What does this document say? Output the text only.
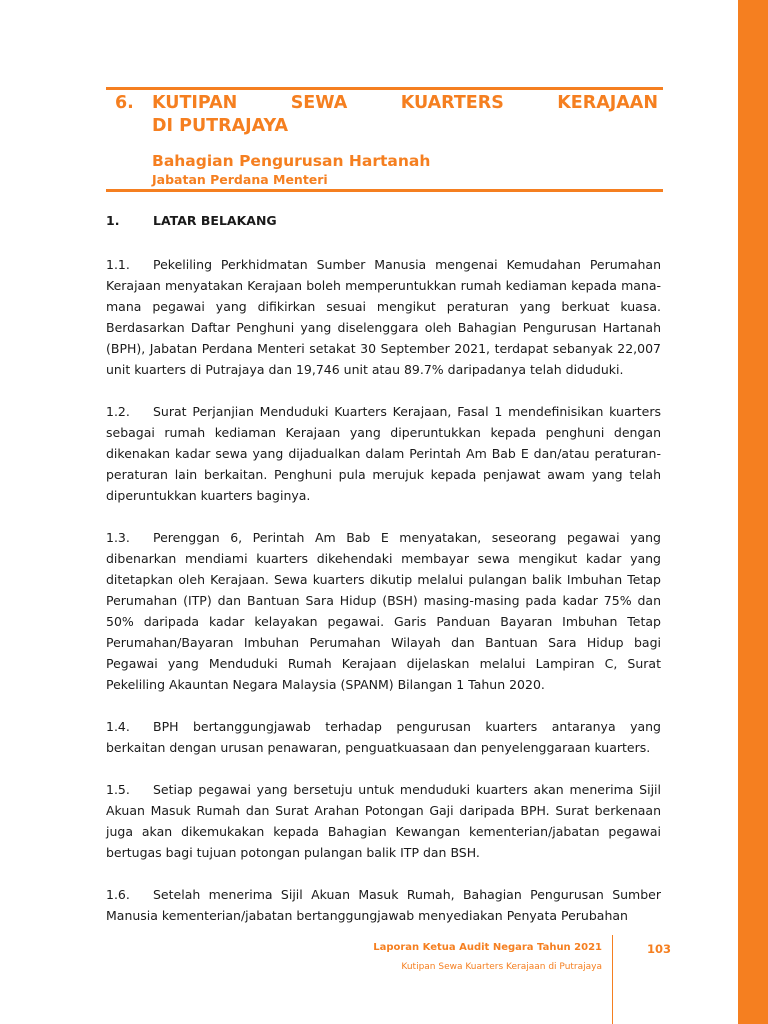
6. KUTIPAN SEWA KUARTERS KERAJAAN
DI PUTRAJAYA
Bahagian Pengurusan Hartanah
Jabatan Perdana Menteri
1.	LATAR BELAKANG
1.1. Pekeliling Perkhidmatan Sumber Manusia mengenai Kemudahan Perumahan Kerajaan menyatakan Kerajaan boleh memperuntukkan rumah kediaman kepada mana-mana pegawai yang difikirkan sesuai mengikut peraturan yang berkuat kuasa. Berdasarkan Daftar Penghuni yang diselenggara oleh Bahagian Pengurusan Hartanah (BPH), Jabatan Perdana Menteri setakat 30 September 2021, terdapat sebanyak 22,007 unit kuarters di Putrajaya dan 19,746 unit atau 89.7% daripadanya telah diduduki.
1.2. Surat Perjanjian Menduduki Kuarters Kerajaan, Fasal 1 mendefinisikan kuarters sebagai rumah kediaman Kerajaan yang diperuntukkan kepada penghuni dengan dikenakan kadar sewa yang dijadualkan dalam Perintah Am Bab E dan/atau peraturan-peraturan lain berkaitan. Penghuni pula merujuk kepada penjawat awam yang telah diperuntukkan kuarters baginya.
1.3. Perenggan 6, Perintah Am Bab E menyatakan, seseorang pegawai yang dibenarkan mendiami kuarters dikehendaki membayar sewa mengikut kadar yang ditetapkan oleh Kerajaan. Sewa kuarters dikutip melalui pulangan balik Imbuhan Tetap Perumahan (ITP) dan Bantuan Sara Hidup (BSH) masing-masing pada kadar 75% dan 50% daripada kadar kelayakan pegawai. Garis Panduan Bayaran Imbuhan Tetap Perumahan/Bayaran Imbuhan Perumahan Wilayah dan Bantuan Sara Hidup bagi Pegawai yang Menduduki Rumah Kerajaan dijelaskan melalui Lampiran C, Surat Pekeliling Akauntan Negara Malaysia (SPANM) Bilangan 1 Tahun 2020.
1.4. BPH bertanggungjawab terhadap pengurusan kuarters antaranya yang berkaitan dengan urusan penawaran, penguatkuasaan dan penyelenggaraan kuarters.
1.5. Setiap pegawai yang bersetuju untuk menduduki kuarters akan menerima Sijil Akuan Masuk Rumah dan Surat Arahan Potongan Gaji daripada BPH. Surat berkenaan juga akan dikemukakan kepada Bahagian Kewangan kementerian/jabatan pegawai bertugas bagi tujuan potongan pulangan balik ITP dan BSH.
1.6. Setelah menerima Sijil Akuan Masuk Rumah, Bahagian Pengurusan Sumber Manusia kementerian/jabatan bertanggungjawab menyediakan Penyata Perubahan
Laporan Ketua Audit Negara Tahun 2021
Kutipan Sewa Kuarters Kerajaan di Putrajaya
103
